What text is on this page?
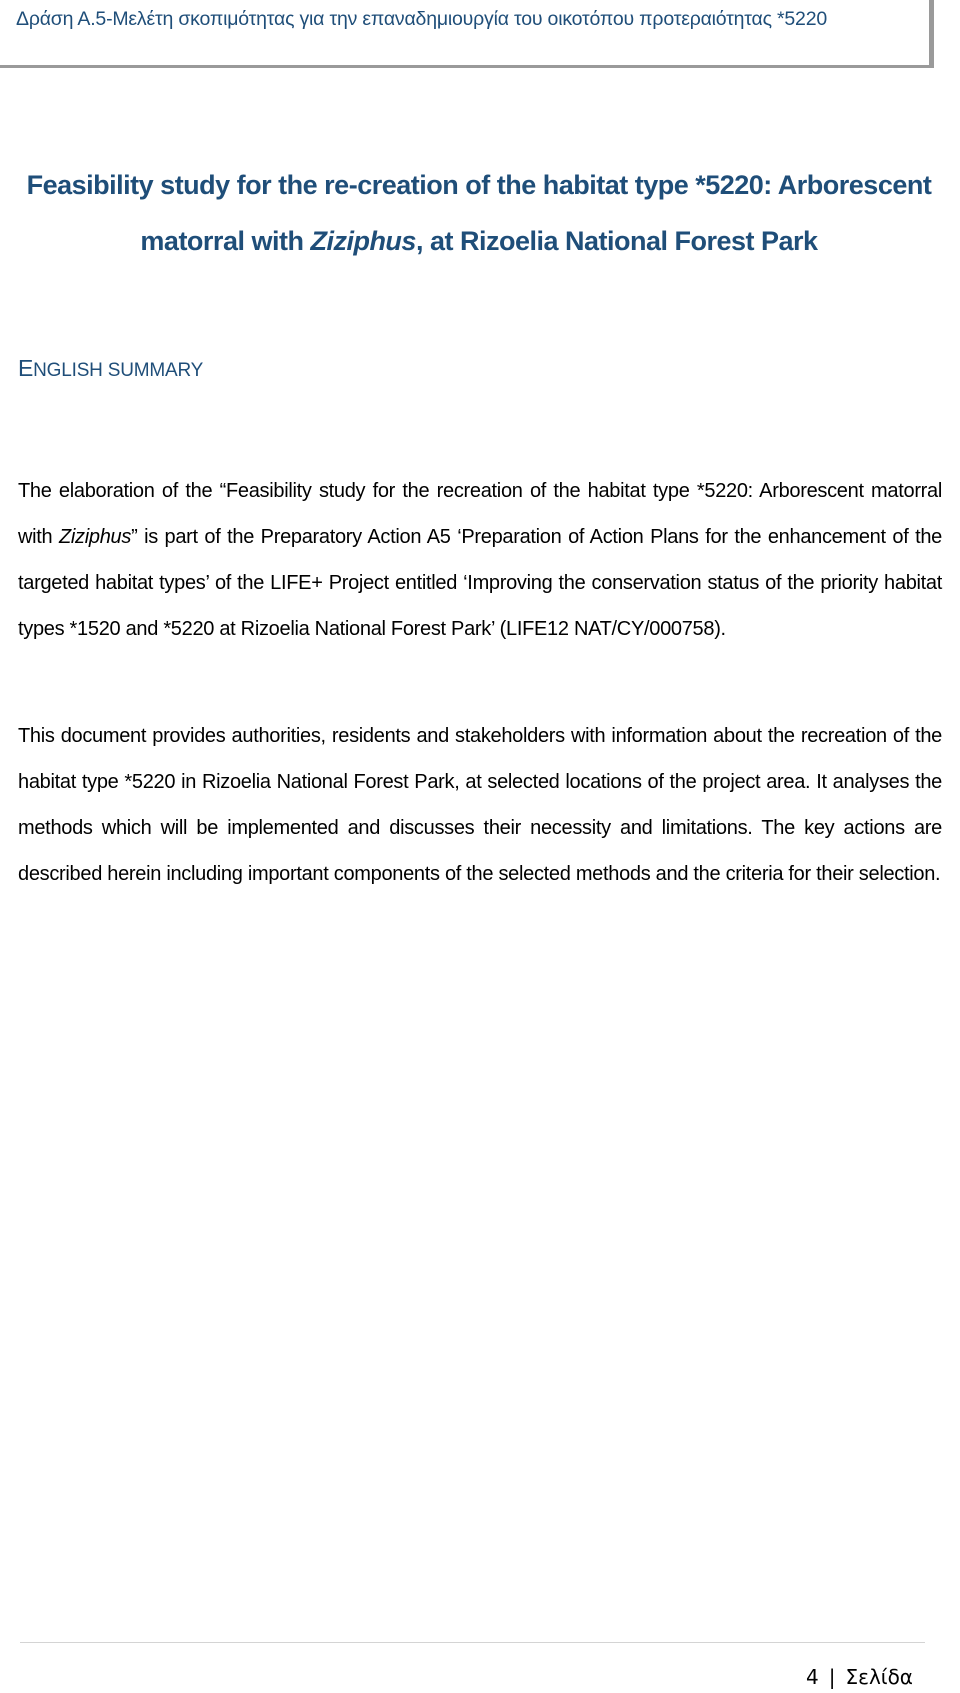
Δράση Α.5-Μελέτη σκοπιμότητας για την επαναδημιουργία του οικοτόπου προτεραιότητας *5220
Feasibility study for the re-creation of the habitat type *5220: Arborescent matorral with Ziziphus, at Rizoelia National Forest Park
ENGLISH SUMMARY

The elaboration of the “Feasibility study for the recreation of the habitat type *5220: Arborescent matorral with Ziziphus” is part of the Preparatory Action A5 ‘Preparation of Action Plans for the enhancement of the targeted habitat types’ of the LIFE+ Project entitled ‘Improving the conservation status of the priority habitat types *1520 and *5220 at Rizoelia National Forest Park’ (LIFE12 NAT/CY/000758).

This document provides authorities, residents and stakeholders with information about the recreation of the habitat type *5220 in Rizoelia National Forest Park, at selected locations of the project area. It analyses the methods which will be implemented and discusses their necessity and limitations. The key actions are described herein including important components of the selected methods and the criteria for their selection.

4 | Σελίδα
